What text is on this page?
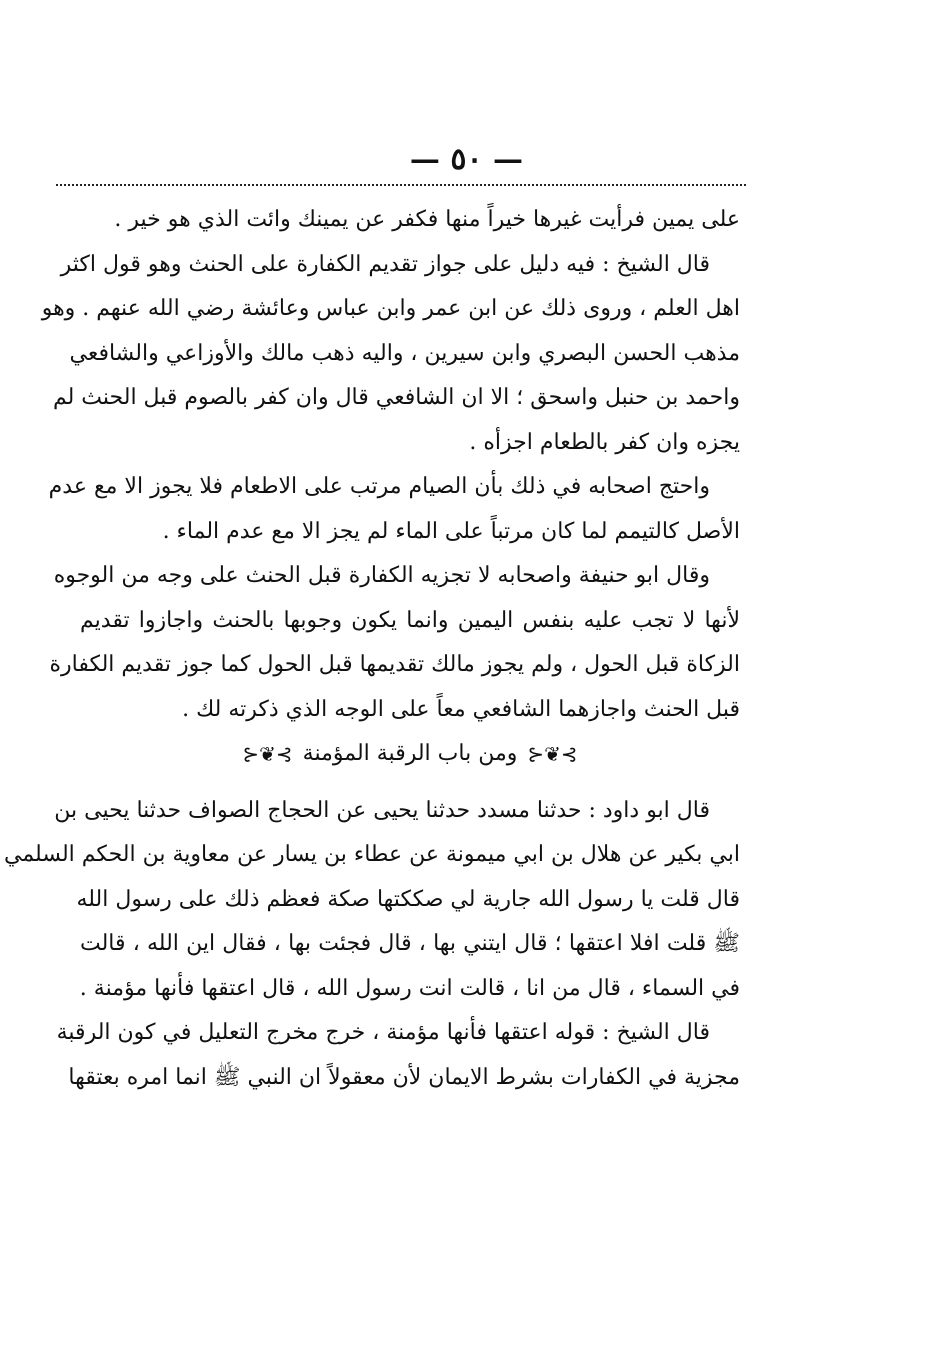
— ٥٠ —
على يمين فرأيت غيرها خيراً منها فكفر عن يمينك وائت الذي هو خير .
قال الشيخ : فيه دليل على جواز تقديم الكفارة على الحنث وهو قول اكثر
اهل العلم ، وروى ذلك عن ابن عمر وابن عباس وعائشة رضي الله عنهم . وهو
مذهب الحسن البصري وابن سيرين ، واليه ذهب مالك والأوزاعي والشافعي
واحمد بن حنبل واسحق ؛ الا ان الشافعي قال وان كفر بالصوم قبل الحنث لم
يجزه وان كفر بالطعام اجزأه .
واحتج اصحابه في ذلك بأن الصيام مرتب على الاطعام فلا يجوز الا مع عدم
الأصل كالتيمم لما كان مرتباً على الماء لم يجز الا مع عدم الماء .
وقال ابو حنيفة واصحابه لا تجزيه الكفارة قبل الحنث على وجه من الوجوه
لأنها لا تجب عليه بنفس اليمين وانما يكون وجوبها بالحنث واجازوا تقديم
الزكاة قبل الحول ، ولم يجوز مالك تقديمها قبل الحول كما جوز تقديم الكفارة
قبل الحنث واجازهما الشافعي معاً على الوجه الذي ذكرته لك .
⊱❦⊰
ومن باب الرقبة المؤمنة
⊱❦⊰
قال ابو داود : حدثنا مسدد حدثنا يحيى عن الحجاج الصواف حدثنا يحيى بن
ابي بكير عن هلال بن ابي ميمونة عن عطاء بن يسار عن معاوية بن الحكم السلمي
قال قلت يا رسول الله جارية لي صككتها صكة فعظم ذلك على رسول الله
ﷺ قلت افلا اعتقها ؛ قال ايتني بها ، قال فجئت بها ، فقال اين الله ، قالت
في السماء ، قال من انا ، قالت انت رسول الله ، قال اعتقها فأنها مؤمنة .
قال الشيخ : قوله اعتقها فأنها مؤمنة ، خرج مخرج التعليل في كون الرقبة
مجزية في الكفارات بشرط الايمان لأن معقولاً ان النبي ﷺ انما امره بعتقها
